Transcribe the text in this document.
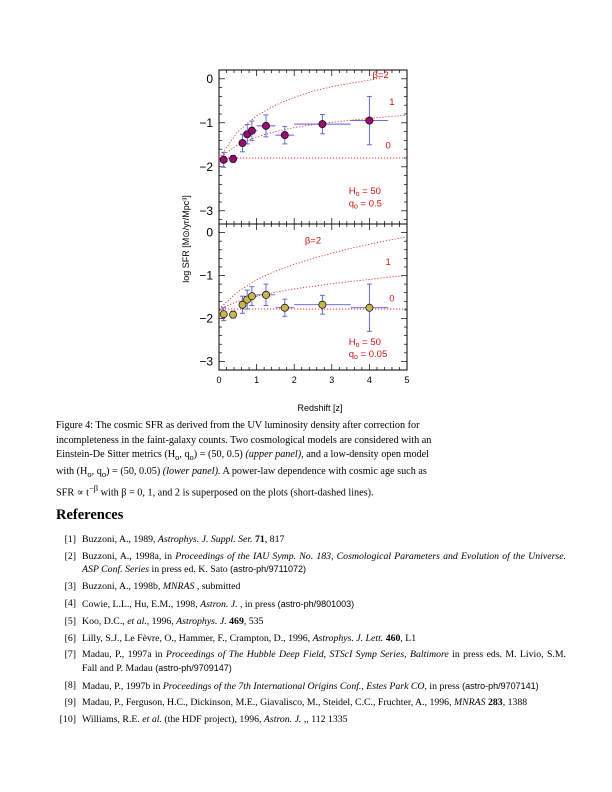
0
−1
−2
−3
β=2
1
0
$H_o = 50$
$q_o = 0.5$
0
−1
−2
−3
0	1	2	3	4	5
β=2
1
0
$H_o = 50$
$q_o = 0.05$
log SFR [M⊙/yr/Mpc³]
Redshift [z]

Figure 4: The cosmic SFR as derived from the UV luminosity density after correction for

incompleteness in the faint-galaxy counts. Two cosmological models are considered with an

Einstein-De Sitter metrics ($H_o$, $q_o) = (50$, 0.5) (upper panel), and a low-density open model

with ($H_o$, $q_o) = (50$, 0.05) (lower panel). A power-law dependence with cosmic age such as

SFR ∝ $t^{-\beta}$ with β = 0, 1, and 2 is superposed on the plots (short-dashed lines).

References
[1] Buzzoni, A., 1989, Astrophys. J. Suppl. Ser. 71, 817
[2] Buzzoni, A., 1998a, in Proceedings of the IAU Symp. No. 183, Cosmological Parameters and Evolution of the Universe. ASP Conf. Series in press ed. K. Sato (astro-ph/9711072)
[3] Buzzoni, A., 1998b, MNRAS , submitted
[4] Cowie, L.L., Hu, E.M., 1998, Astron. J. , in press (astro-ph/9801003)
[5] Koo, D.C., et al., 1996, Astrophys. J. 469, 535
[6] Lilly, S.J., Le Fèvre, O., Hammer, F., Crampton, D., 1996, Astrophys. J. Lett. 460, L1
[7] Madau, P., 1997a in Proceedings of The Hubble Deep Field, STScI Symp Series, Baltimore in press eds. M. Livio, S.M. Fall and P. Madau (astro-ph/9709147)
[8] Madau, P., 1997b in Proceedings of the 7th International Origins Conf., Estes Park CO, in press (astro-ph/9707141)
[9] Madau, P., Ferguson, H.C., Dickinson, M.E., Giavalisco, M., Steidel, C.C., Fruchter, A., 1996, MNRAS 283, 1388
[10] Williams, R.E. et al. (the HDF project), 1996, Astron. J. ,, 112 1335
